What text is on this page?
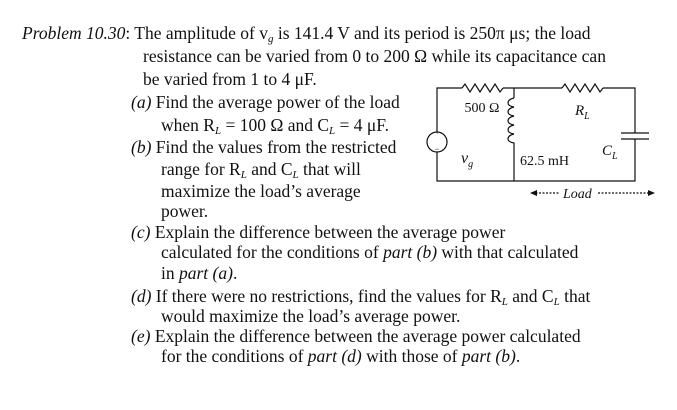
Problem 10.30: The amplitude of $v_g$ is 141.4 V and its period is 250π μs; the load
resistance can be varied from 0 to 200 Ω while its capacitance can
be varied from 1 to 4 μF.
(a) Find the average power of the load
when $R_L = 100$ Ω and $C_L = 4$ μF.
(b) Find the values from the restricted
range for $R_L$ and $C_L$ that will
maximize the load’s average
power.
(c) Explain the difference between the average power
calculated for the conditions of part (b) with that calculated
in part (a).
(d) If there were no restrictions, find the values for $R_L$ and $C_L$ that
would maximize the load’s average power.
(e) Explain the difference between the average power calculated
for the conditions of part (d) with those of part (b).
+
−
500 Ω	$R_L$
$C_L$
62.5 mH
$v_g$
Load
